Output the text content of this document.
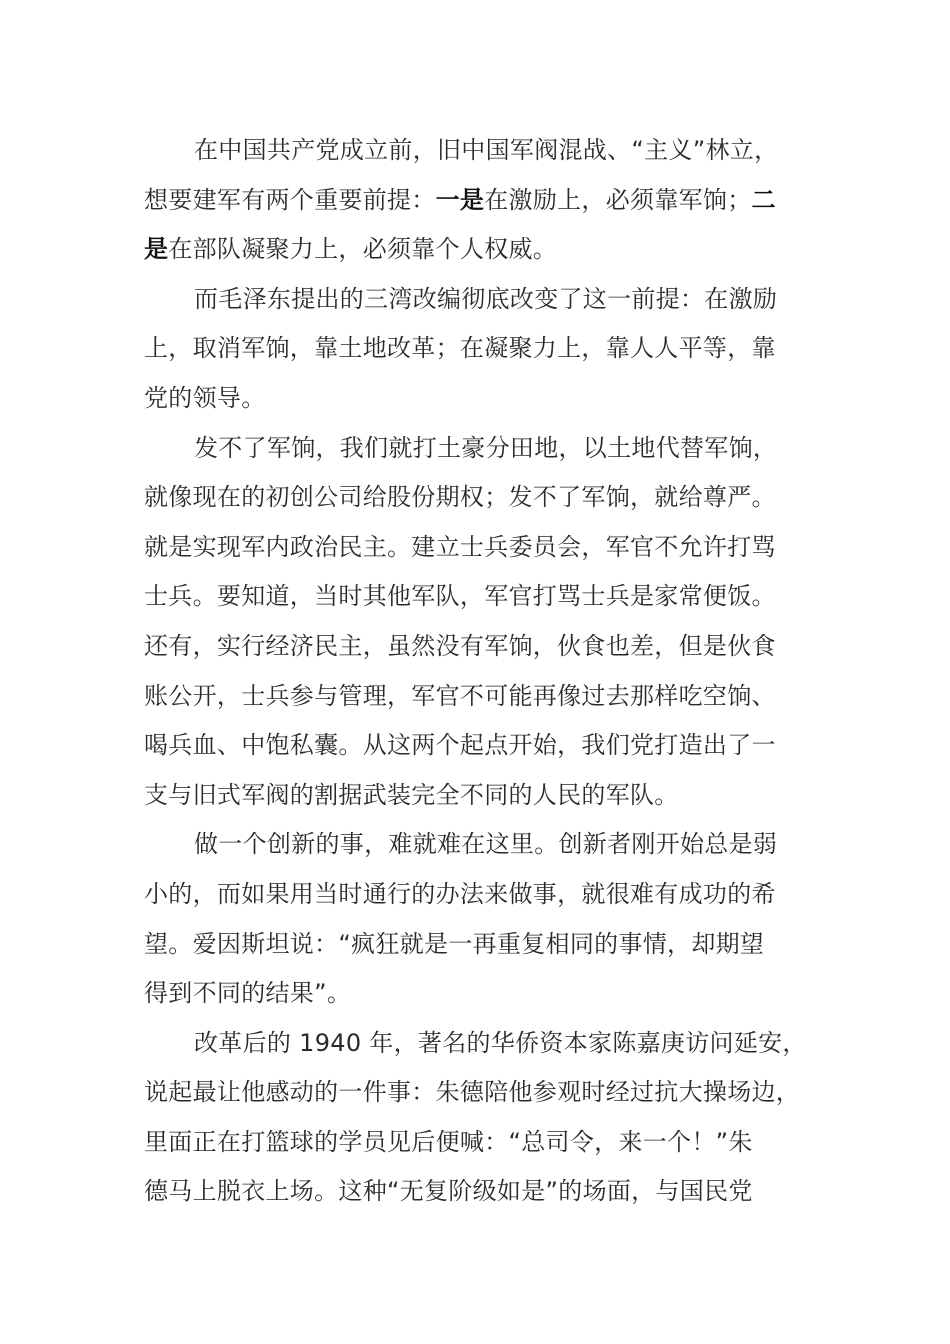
在中国共产党成立前，旧中国军阀混战、“主义”林立，
想要建军有两个重要前提：一是在激励上，必须靠军饷；二
是在部队凝聚力上，必须靠个人权威。
而毛泽东提出的三湾改编彻底改变了这一前提：在激励
上，取消军饷，靠土地改革；在凝聚力上，靠人人平等，靠
党的领导。
发不了军饷，我们就打土豪分田地，以土地代替军饷，
就像现在的初创公司给股份期权；发不了军饷，就给尊严。
就是实现军内政治民主。建立士兵委员会，军官不允许打骂
士兵。要知道，当时其他军队，军官打骂士兵是家常便饭。
还有，实行经济民主，虽然没有军饷，伙食也差，但是伙食
账公开，士兵参与管理，军官不可能再像过去那样吃空饷、
喝兵血、中饱私囊。从这两个起点开始，我们党打造出了一
支与旧式军阀的割据武装完全不同的人民的军队。
做一个创新的事，难就难在这里。创新者刚开始总是弱
小的，而如果用当时通行的办法来做事，就很难有成功的希
望。爱因斯坦说：“疯狂就是一再重复相同的事情，却期望
得到不同的结果”。
改革后的 1940 年，著名的华侨资本家陈嘉庚访问延安，
说起最让他感动的一件事：朱德陪他参观时经过抗大操场边，
里面正在打篮球的学员见后便喊：“总司令，来一个！”朱
德马上脱衣上场。这种“无复阶级如是”的场面，与国民党
